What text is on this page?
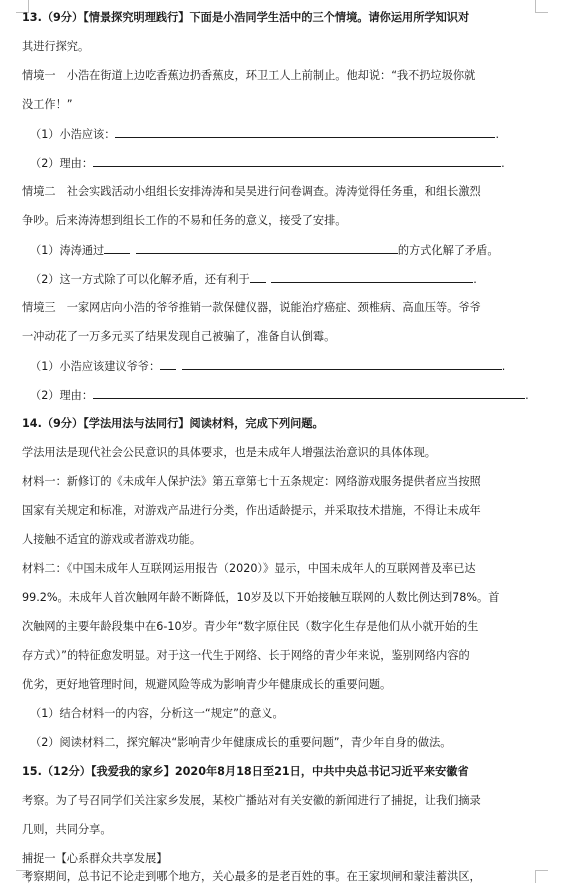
13.（9分）【情景探究明理践行】下面是小浩同学生活中的三个情境。请你运用所学知识对
其进行探究。
情境一　小浩在街道上边吃香蕉边扔香蕉皮，环卫工人上前制止。他却说：“我不扔垃圾你就
没工作！”
（1）小浩应该：	.
（2）理由：	.
情境二　社会实践活动小组组长安排涛涛和吴昊进行问卷调查。涛涛觉得任务重，和组长激烈
争吵。后来涛涛想到组长工作的不易和任务的意义，接受了安排。
（1）涛涛通过 	的方式化解了矛盾。
（2）这一方式除了可以化解矛盾，还有利于 	.
情境三　一家网店向小浩的爷爷推销一款保健仪器，说能治疗癌症、颈椎病、高血压等。爷爷
一冲动花了一万多元买了结果发现自己被骗了，准备自认倒霉。
（1）小浩应该建议爷爷： 	.
（2）理由：	.
14.（9分）【学法用法与法同行】阅读材料，完成下列问题。
学法用法是现代社会公民意识的具体要求，也是未成年人增强法治意识的具体体现。
材料一：新修订的《未成年人保护法》第五章第七十五条规定：网络游戏服务提供者应当按照
国家有关规定和标准，对游戏产品进行分类，作出适龄提示，并采取技术措施，不得让未成年
人接触不适宜的游戏或者游戏功能。
材料二：《中国未成年人互联网运用报告（2020）》显示，中国未成年人的互联网普及率已达
99.2%。未成年人首次触网年龄不断降低，10岁及以下开始接触互联网的人数比例达到78%。首
次触网的主要年龄段集中在6-10岁。青少年“数字原住民（数字化生存是他们从小就开始的生
存方式）”的特征愈发明显。对于这一代生于网络、长于网络的青少年来说，鉴别网络内容的
优劣，更好地管理时间，规避风险等成为影响青少年健康成长的重要问题。
（1）结合材料一的内容，分析这一“规定”的意义。
（2）阅读材料二，探究解决“影响青少年健康成长的重要问题”，青少年自身的做法。
15.（12分）【我爱我的家乡】2020年8月18日至21日，中共中央总书记习近平来安徽省
考察。为了号召同学们关注家乡发展，某校广播站对有关安徽的新闻进行了捕捉，让我们摘录
几则，共同分享。
捕捉一【心系群众共享发展】
考察期间，总书记不论走到哪个地方，关心最多的是老百姓的事。在王家坝闸和蒙洼蓄洪区，
